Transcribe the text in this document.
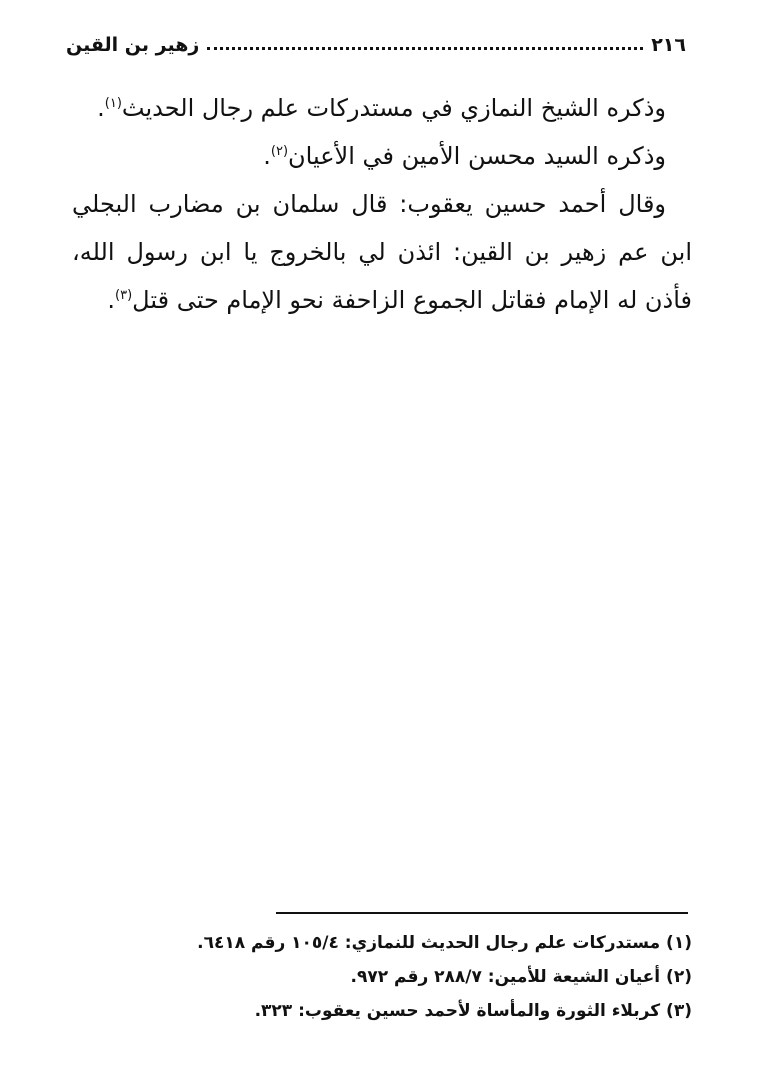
٢١٦
زهير بن القين

وذكره الشيخ النمازي في مستدركات علم رجال الحديث$^{(١)}$.

وذكره السيد محسن الأمين في الأعيان$^{(٢)}$.

وقال أحمد حسين يعقوب: قال سلمان بن مضارب البجلي ابن عم زهير بن القين: ائذن لي بالخروج يا ابن رسول الله، فأذن له الإمام فقاتل الجموع الزاحفة نحو الإمام حتى قتل$^{(٣)}$.

(١) مستدركات علم رجال الحديث للنمازي: ١٠٥/٤ رقم ٦٤١٨.

(٢) أعيان الشيعة للأمين: ٢٨٨/٧ رقم ٩٧٢.

(٣) كربلاء الثورة والمأساة لأحمد حسين يعقوب: ٣٢٣.
